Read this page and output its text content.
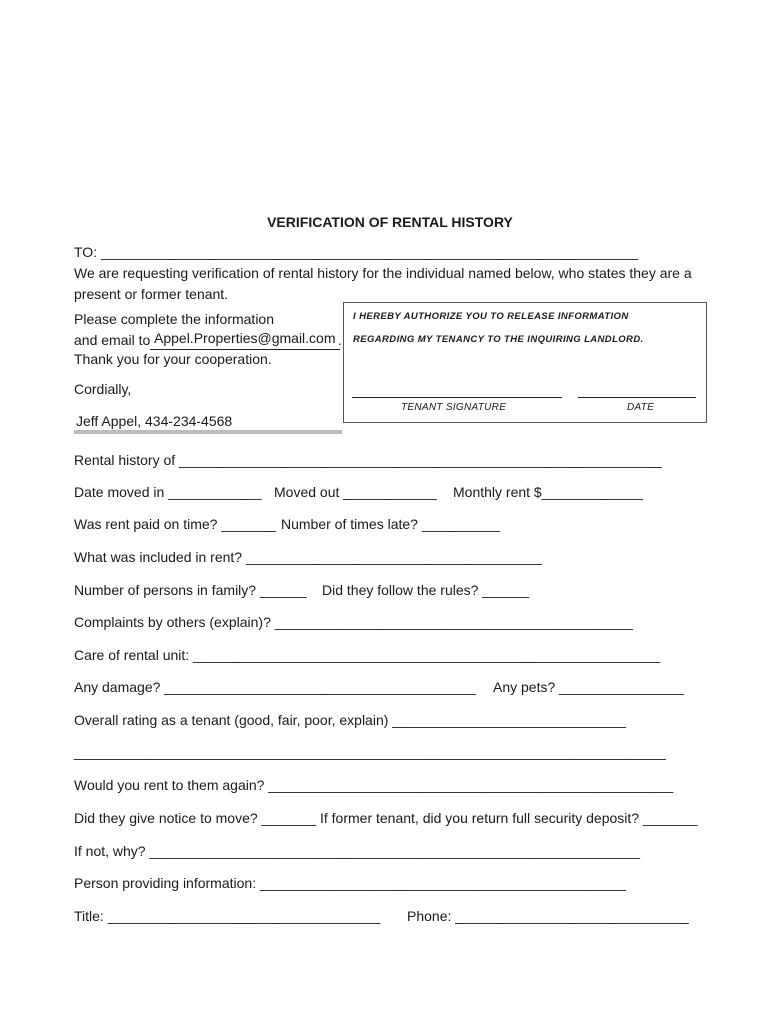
VERIFICATION OF RENTAL HISTORY
TO: _____________________________________________________________________
We are requesting verification of rental history for the individual named below, who states they are a
present or former tenant.
Please complete the information
and email to Appel.Properties@gmail.com .
Thank you for your cooperation.
Cordially,
Jeff Appel, 434-234-4568
I HEREBY AUTHORIZE YOU TO RELEASE INFORMATION
REGARDING MY TENANCY TO THE INQUIRING LANDLORD.
TENANT SIGNATURE	DATE
Rental history of ______________________________________________________________
Date moved in ____________ Moved out ____________ Monthly rent $_____________
Was rent paid on time? _______ Number of times late? __________
What was included in rent? ______________________________________
Number of persons in family? ______ Did they follow the rules? ______
Complaints by others (explain)? ______________________________________________
Care of rental unit: ____________________________________________________________
Any damage? ________________________________________ Any pets? ________________
Overall rating as a tenant (good, fair, poor, explain) ______________________________
____________________________________________________________________________
Would you rent to them again? ____________________________________________________
Did they give notice to move? _______ If former tenant, did you return full security deposit? _______
If not, why? _______________________________________________________________
Person providing information: _______________________________________________
Title: ___________________________________ Phone: ______________________________
